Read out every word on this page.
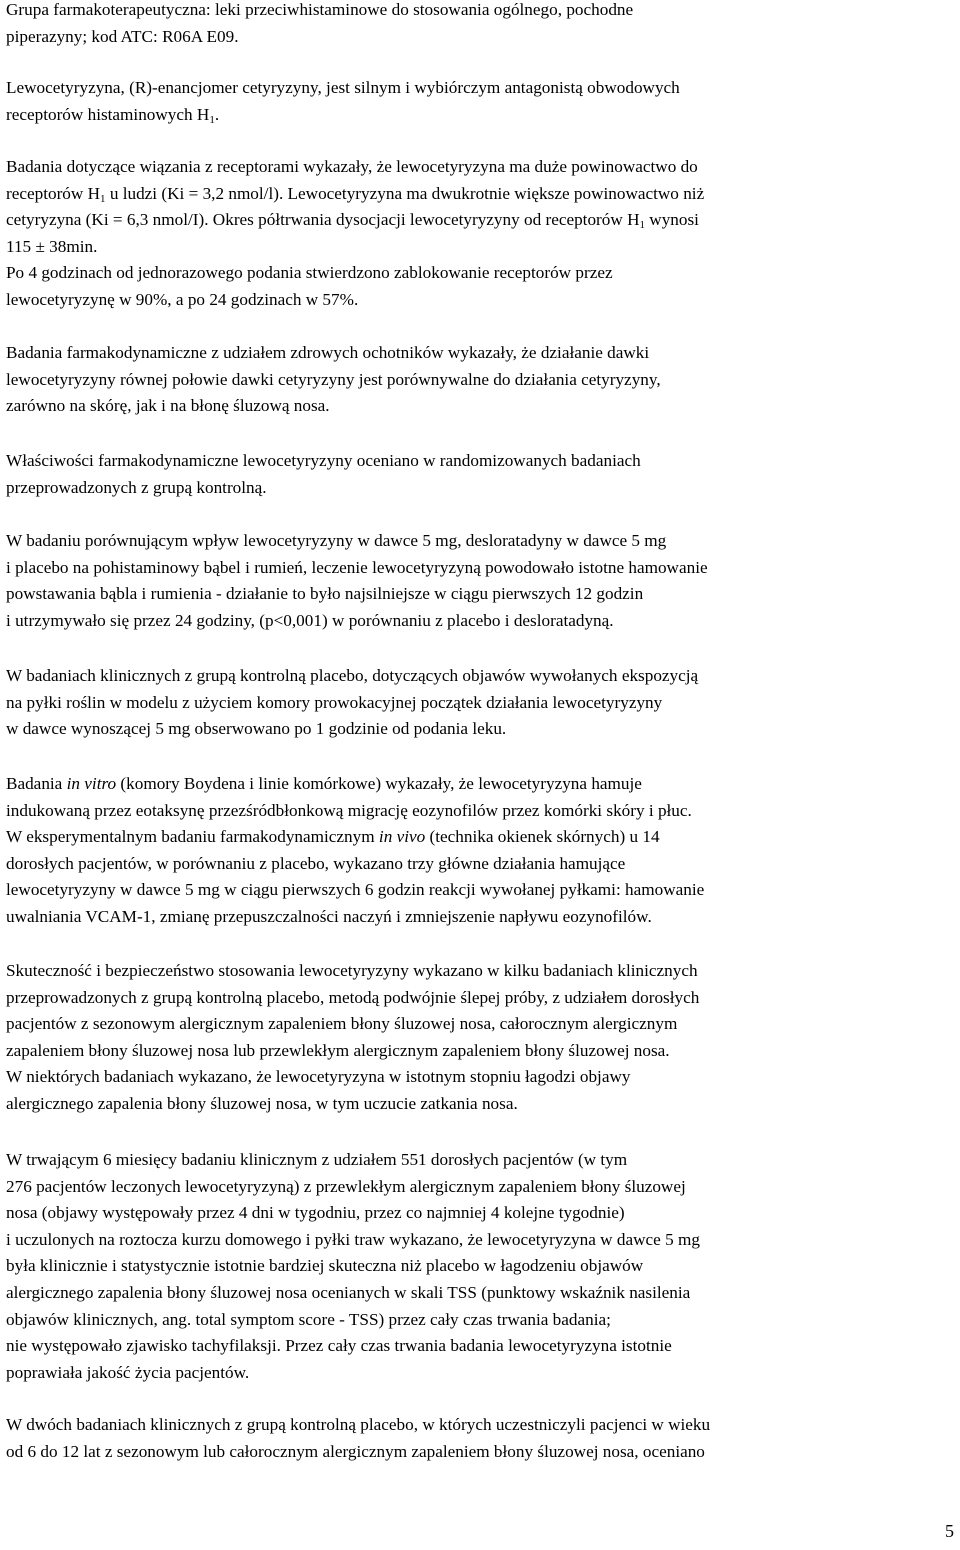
Grupa farmakoterapeutyczna: leki przeciwhistaminowe do stosowania ogólnego, pochodne
piperazyny; kod ATC: R06A E09.
Lewocetyryzyna, (R)-enancjomer cetyryzyny, jest silnym i wybiórczym antagonistą obwodowych
receptorów histaminowych $H_1$.
Badania dotyczące wiązania z receptorami wykazały, że lewocetyryzyna ma duże powinowactwo do
receptorów $H_1$ u ludzi (Ki = 3,2 nmol/l). Lewocetyryzyna ma dwukrotnie większe powinowactwo niż
cetyryzyna (Ki = 6,3 nmol/I). Okres półtrwania dysocjacji lewocetyryzyny od receptorów $H_1$ wynosi
115 ± 38min.
Po 4 godzinach od jednorazowego podania stwierdzono zablokowanie receptorów przez
lewocetyryzynę w 90%, a po 24 godzinach w 57%.
Badania farmakodynamiczne z udziałem zdrowych ochotników wykazały, że działanie dawki
lewocetyryzyny równej połowie dawki cetyryzyny jest porównywalne do działania cetyryzyny,
zarówno na skórę, jak i na błonę śluzową nosa.
Właściwości farmakodynamiczne lewocetyryzyny oceniano w randomizowanych badaniach
przeprowadzonych z grupą kontrolną.
W badaniu porównującym wpływ lewocetyryzyny w dawce 5 mg, desloratadyny w dawce 5 mg
i placebo na pohistaminowy bąbel i rumień, leczenie lewocetyryzyną powodowało istotne hamowanie
powstawania bąbla i rumienia - działanie to było najsilniejsze w ciągu pierwszych 12 godzin
i utrzymywało się przez 24 godziny, (p<0,001) w porównaniu z placebo i desloratadyną.
W badaniach klinicznych z grupą kontrolną placebo, dotyczących objawów wywołanych ekspozycją
na pyłki roślin w modelu z użyciem komory prowokacyjnej początek działania lewocetyryzyny
w dawce wynoszącej 5 mg obserwowano po 1 godzinie od podania leku.
Badania in vitro (komory Boydena i linie komórkowe) wykazały, że lewocetyryzyna hamuje
indukowaną przez eotaksynę przezśródbłonkową migrację eozynofilów przez komórki skóry i płuc.
W eksperymentalnym badaniu farmakodynamicznym in vivo (technika okienek skórnych) u 14
dorosłych pacjentów, w porównaniu z placebo, wykazano trzy główne działania hamujące
lewocetyryzyny w dawce 5 mg w ciągu pierwszych 6 godzin reakcji wywołanej pyłkami: hamowanie
uwalniania VCAM-1, zmianę przepuszczalności naczyń i zmniejszenie napływu eozynofilów.
Skuteczność i bezpieczeństwo stosowania lewocetyryzyny wykazano w kilku badaniach klinicznych
przeprowadzonych z grupą kontrolną placebo, metodą podwójnie ślepej próby, z udziałem dorosłych
pacjentów z sezonowym alergicznym zapaleniem błony śluzowej nosa, całorocznym alergicznym
zapaleniem błony śluzowej nosa lub przewlekłym alergicznym zapaleniem błony śluzowej nosa.
W niektórych badaniach wykazano, że lewocetyryzyna w istotnym stopniu łagodzi objawy
alergicznego zapalenia błony śluzowej nosa, w tym uczucie zatkania nosa.
W trwającym 6 miesięcy badaniu klinicznym z udziałem 551 dorosłych pacjentów (w tym
276 pacjentów leczonych lewocetyryzyną) z przewlekłym alergicznym zapaleniem błony śluzowej
nosa (objawy występowały przez 4 dni w tygodniu, przez co najmniej 4 kolejne tygodnie)
i uczulonych na roztocza kurzu domowego i pyłki traw wykazano, że lewocetyryzyna w dawce 5 mg
była klinicznie i statystycznie istotnie bardziej skuteczna niż placebo w łagodzeniu objawów
alergicznego zapalenia błony śluzowej nosa ocenianych w skali TSS (punktowy wskaźnik nasilenia
objawów klinicznych, ang. total symptom score - TSS) przez cały czas trwania badania;
nie występowało zjawisko tachyfilaksji. Przez cały czas trwania badania lewocetyryzyna istotnie
poprawiała jakość życia pacjentów.
W dwóch badaniach klinicznych z grupą kontrolną placebo, w których uczestniczyli pacjenci w wieku
od 6 do 12 lat z sezonowym lub całorocznym alergicznym zapaleniem błony śluzowej nosa, oceniano
5
